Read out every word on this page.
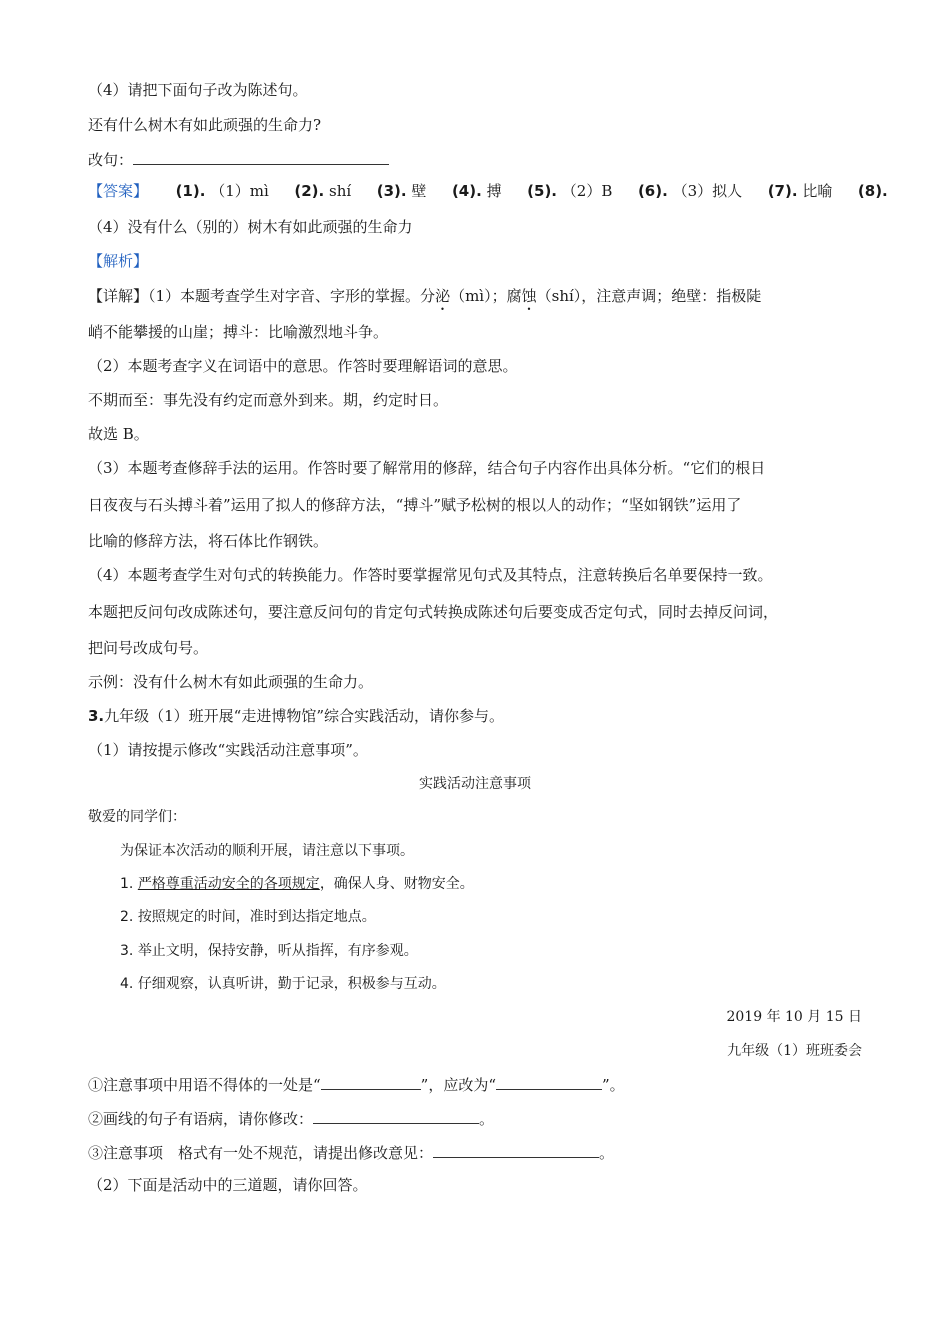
（4）请把下面句子改为陈述句。
还有什么树木有如此顽强的生命力?
改句：
【答案】 (1). （1）mì (2). shí (3). 壁 (4). 搏 (5). （2）B (6). （3）拟人 (7). 比喻 (8).
（4）没有什么（别的）树木有如此顽强的生命力
【解析】
【详解】（1）本题考查学生对字音、字形的掌握。分泌（mì）；腐蚀（shí），注意声调；绝壁：指极陡
峭不能攀援的山崖；搏斗：比喻激烈地斗争。
（2）本题考查字义在词语中的意思。作答时要理解语词的意思。
不期而至：事先没有约定而意外到来。期，约定时日。
故选 B。
（3）本题考查修辞手法的运用。作答时要了解常用的修辞，结合句子内容作出具体分析。“它们的根日
日夜夜与石头搏斗着”运用了拟人的修辞方法，“搏斗”赋予松树的根以人的动作；“坚如钢铁”运用了
比喻的修辞方法，将石体比作钢铁。
（4）本题考查学生对句式的转换能力。作答时要掌握常见句式及其特点，注意转换后名单要保持一致。
本题把反问句改成陈述句，要注意反问句的肯定句式转换成陈述句后要变成否定句式，同时去掉反问词，
把问号改成句号。
示例：没有什么树木有如此顽强的生命力。
3.九年级（1）班开展“走进博物馆”综合实践活动，请你参与。
（1）请按提示修改“实践活动注意事项”。
实践活动注意事项
敬爱的同学们：
为保证本次活动的顺利开展，请注意以下事项。
1. 严格尊重活动安全的各项规定，确保人身、财物安全。
2. 按照规定的时间，准时到达指定地点。
3. 举止文明，保持安静，听从指挥，有序参观。
4. 仔细观察，认真听讲，勤于记录，积极参与互动。
2019 年 10 月 15 日
九年级（1）班班委会
①注意事项中用语不得体的一处是“	”，应改为“	”。
②画线的句子有语病，请你修改：	。
③注意事项　格式有一处不规范，请提出修改意见：	。
（2）下面是活动中的三道题，请你回答。
